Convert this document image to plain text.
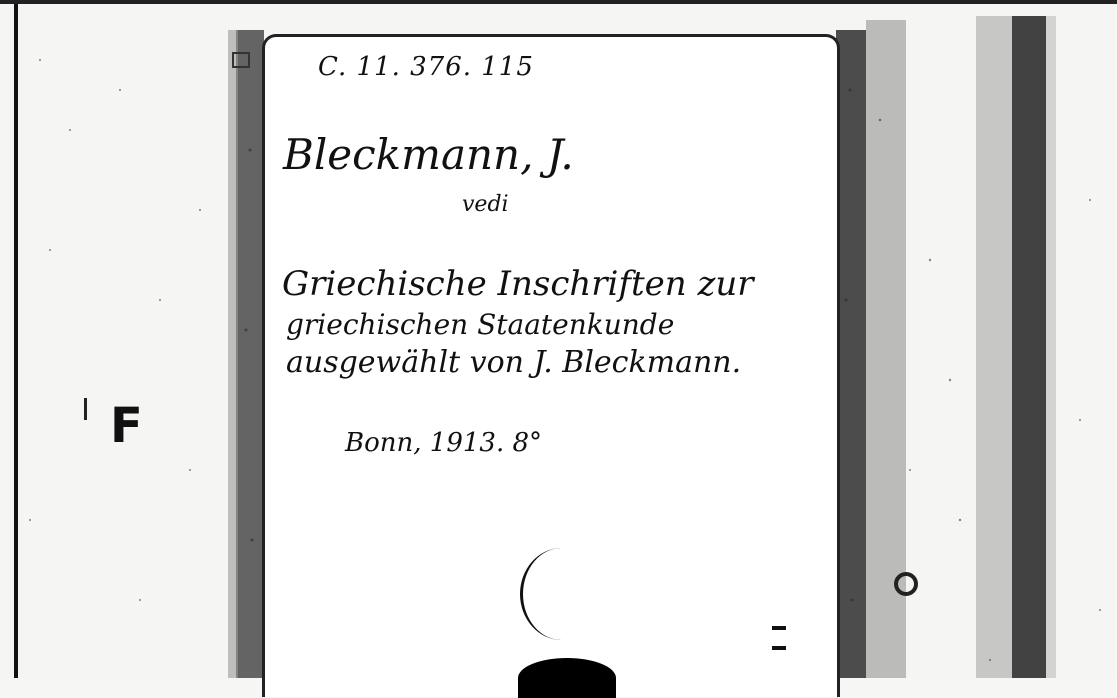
C. 11. 376. 115
Bleckmann, J.
vedi
Griechische Inschriften zur
griechischen Staatenkunde
ausgewählt von J. Bleckmann.
Bonn, 1913. 8°
F
